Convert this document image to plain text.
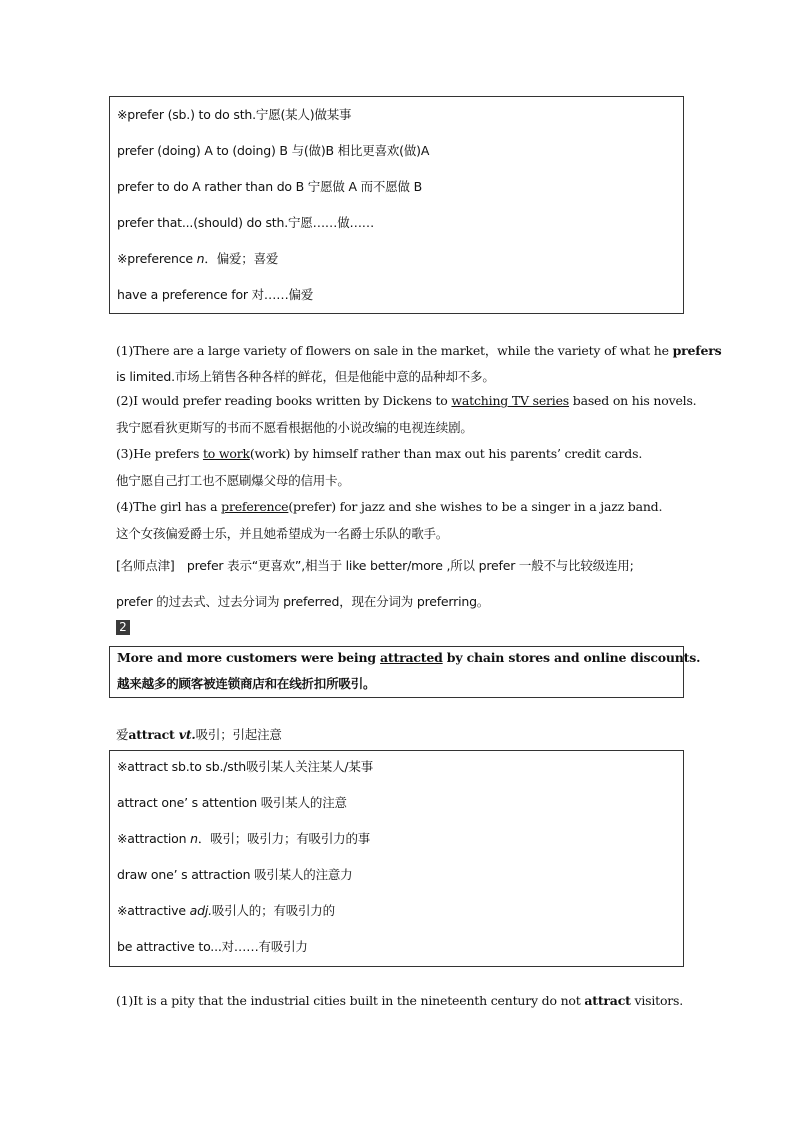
※prefer (sb.) to do sth.宁愿(某人)做某事
prefer (doing) A to (doing) B 与(做)B 相比更喜欢(做)A
prefer to do A rather than do B 宁愿做 A 而不愿做 B
prefer that...(should) do sth.宁愿……做……
※preference n．偏爱；喜爱
have a preference for 对……偏爱
(1)There are a large variety of flowers on sale in the market，while the variety of what he prefers
is limited.市场上销售各种各样的鲜花，但是他能中意的品种却不多。
(2)I would prefer reading books written by Dickens to watching TV series based on his novels.
我宁愿看狄更斯写的书而不愿看根据他的小说改编的电视连续剧。
(3)He prefers to work(work) by himself rather than max out his parents’ credit cards.
他宁愿自己打工也不愿刷爆父母的信用卡。
(4)The girl has a preference(prefer) for jazz and she wishes to be a singer in a jazz band.
这个女孩偏爱爵士乐，并且她希望成为一名爵士乐队的歌手。
[名师点津]　prefer 表示“更喜欢”,相当于 like better/more ,所以 prefer 一般不与比较级连用;
prefer 的过去式、过去分词为 preferred，现在分词为 preferring。
2
More and more customers were being attracted by chain stores and online discounts.
越来越多的顾客被连锁商店和在线折扣所吸引。
爱attract vt.吸引；引起注意
※attract sb.to sb./sth吸引某人关注某人/某事
attract one’ s attention 吸引某人的注意
※attraction n．吸引；吸引力；有吸引力的事
draw one’ s attraction 吸引某人的注意力
※attractive adj.吸引人的；有吸引力的
be attractive to...对……有吸引力
(1)It is a pity that the industrial cities built in the nineteenth century do not attract visitors.
